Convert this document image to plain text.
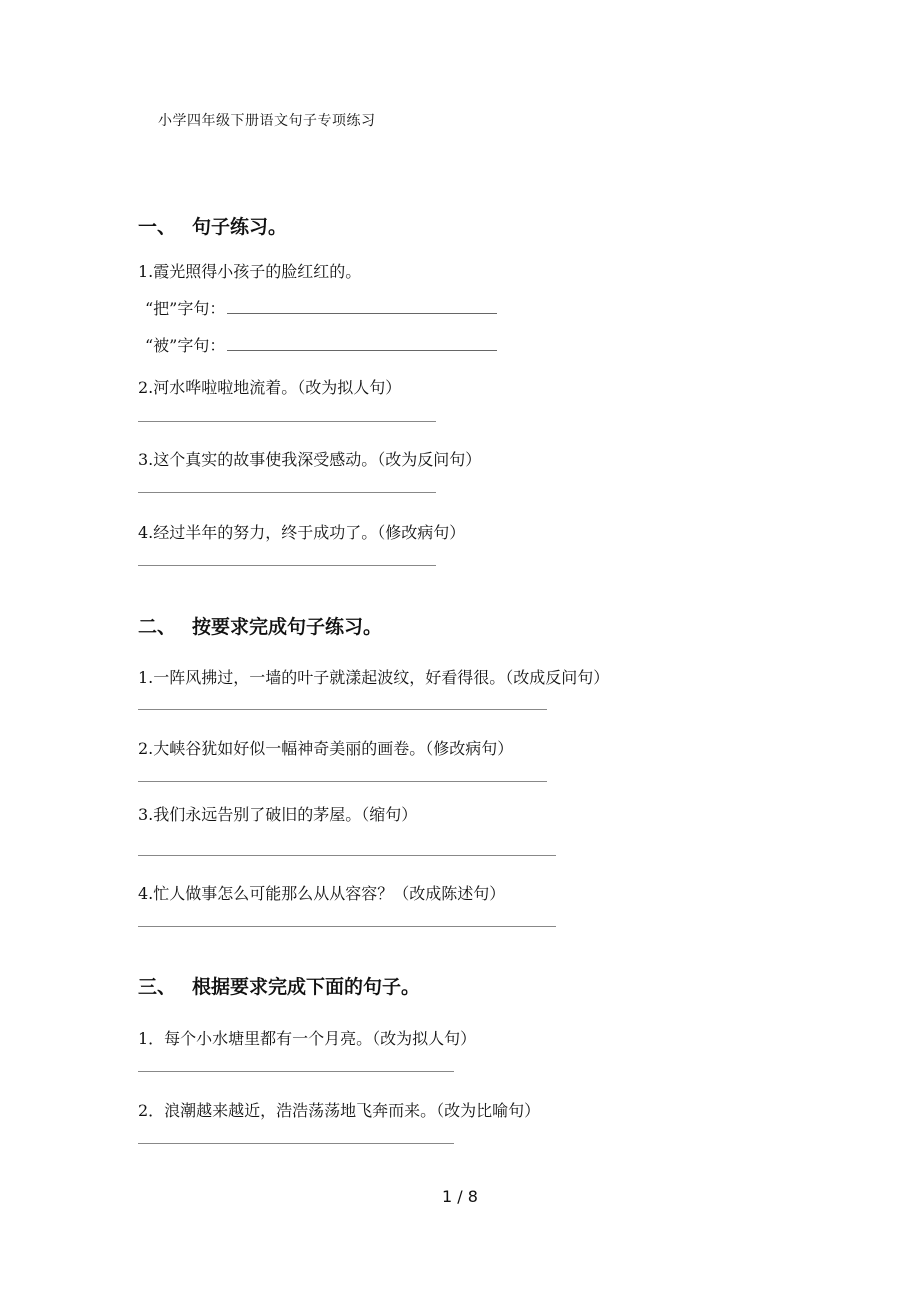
小学四年级下册语文句子专项练习
一、 句子练习。
1.霞光照得小孩子的脸红红的。
“把”字句：
“被”字句：
2.河水哗啦啦地流着。（改为拟人句）
3.这个真实的故事使我深受感动。（改为反问句）
4.经过半年的努力，终于成功了。（修改病句）
二、 按要求完成句子练习。
1.一阵风拂过，一墙的叶子就漾起波纹，好看得很。（改成反问句）
2.大峡谷犹如好似一幅神奇美丽的画卷。（修改病句）
3.我们永远告别了破旧的茅屋。（缩句）
4.忙人做事怎么可能那么从从容容？（改成陈述句）
三、 根据要求完成下面的句子。
1．每个小水塘里都有一个月亮。（改为拟人句）
2．浪潮越来越近，浩浩荡荡地飞奔而来。（改为比喻句）
1 / 8
